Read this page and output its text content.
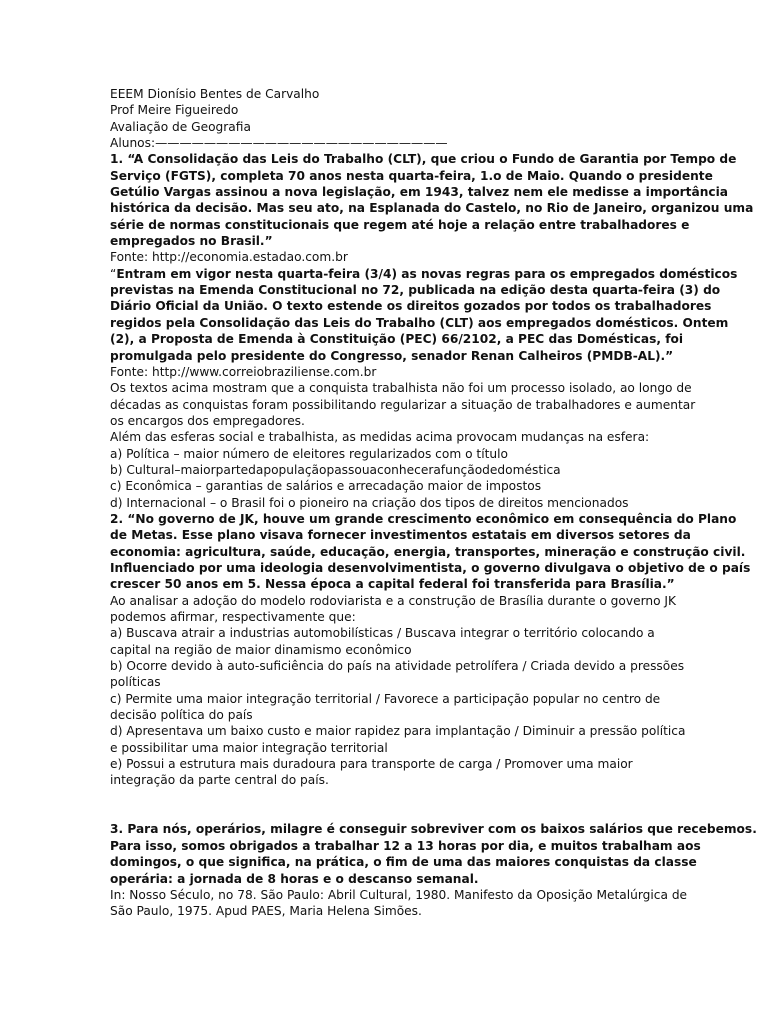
EEEM Dionísio Bentes de Carvalho
Prof Meire Figueiredo
Avaliação de Geografia
Alunos:————————————————————————
1. “A Consolidação das Leis do Trabalho (CLT), que criou o Fundo de Garantia por Tempo de
Serviço (FGTS), completa 70 anos nesta quarta-feira, 1.o de Maio. Quando o presidente
Getúlio Vargas assinou a nova legislação, em 1943, talvez nem ele medisse a importância
histórica da decisão. Mas seu ato, na Esplanada do Castelo, no Rio de Janeiro, organizou uma
série de normas constitucionais que regem até hoje a relação entre trabalhadores e
empregados no Brasil.”
Fonte: http://economia.estadao.com.br
“Entram em vigor nesta quarta-feira (3/4) as novas regras para os empregados domésticos
previstas na Emenda Constitucional no 72, publicada na edição desta quarta-feira (3) do
Diário Oficial da União. O texto estende os direitos gozados por todos os trabalhadores
regidos pela Consolidação das Leis do Trabalho (CLT) aos empregados domésticos. Ontem
(2), a Proposta de Emenda à Constituição (PEC) 66/2102, a PEC das Domésticas, foi
promulgada pelo presidente do Congresso, senador Renan Calheiros (PMDB-AL).”
Fonte: http://www.correiobraziliense.com.br
Os textos acima mostram que a conquista trabalhista não foi um processo isolado, ao longo de
décadas as conquistas foram possibilitando regularizar a situação de trabalhadores e aumentar
os encargos dos empregadores.
Além das esferas social e trabalhista, as medidas acima provocam mudanças na esfera:
a) Política – maior número de eleitores regularizados com o título
b) Cultural–maiorpartedapopulaçãopassouaconhecerafunçãodedoméstica
c) Econômica – garantias de salários e arrecadação maior de impostos
d) Internacional – o Brasil foi o pioneiro na criação dos tipos de direitos mencionados
2. “No governo de JK, houve um grande crescimento econômico em consequência do Plano
de Metas. Esse plano visava fornecer investimentos estatais em diversos setores da
economia: agricultura, saúde, educação, energia, transportes, mineração e construção civil.
Influenciado por uma ideologia desenvolvimentista, o governo divulgava o objetivo de o país
crescer 50 anos em 5. Nessa época a capital federal foi transferida para Brasília.”
Ao analisar a adoção do modelo rodoviarista e a construção de Brasília durante o governo JK
podemos afirmar, respectivamente que:
a) Buscava atrair a industrias automobilísticas / Buscava integrar o território colocando a
capital na região de maior dinamismo econômico
b) Ocorre devido à auto-suficiência do país na atividade petrolífera / Criada devido a pressões
políticas
c) Permite uma maior integração territorial / Favorece a participação popular no centro de
decisão política do país
d) Apresentava um baixo custo e maior rapidez para implantação / Diminuir a pressão política
e possibilitar uma maior integração territorial
e) Possui a estrutura mais duradoura para transporte de carga / Promover uma maior
integração da parte central do país.
3. Para nós, operários, milagre é conseguir sobreviver com os baixos salários que recebemos.
Para isso, somos obrigados a trabalhar 12 a 13 horas por dia, e muitos trabalham aos
domingos, o que significa, na prática, o fim de uma das maiores conquistas da classe
operária: a jornada de 8 horas e o descanso semanal.
In: Nosso Século, no 78. São Paulo: Abril Cultural, 1980. Manifesto da Oposição Metalúrgica de
São Paulo, 1975. Apud PAES, Maria Helena Simões.
